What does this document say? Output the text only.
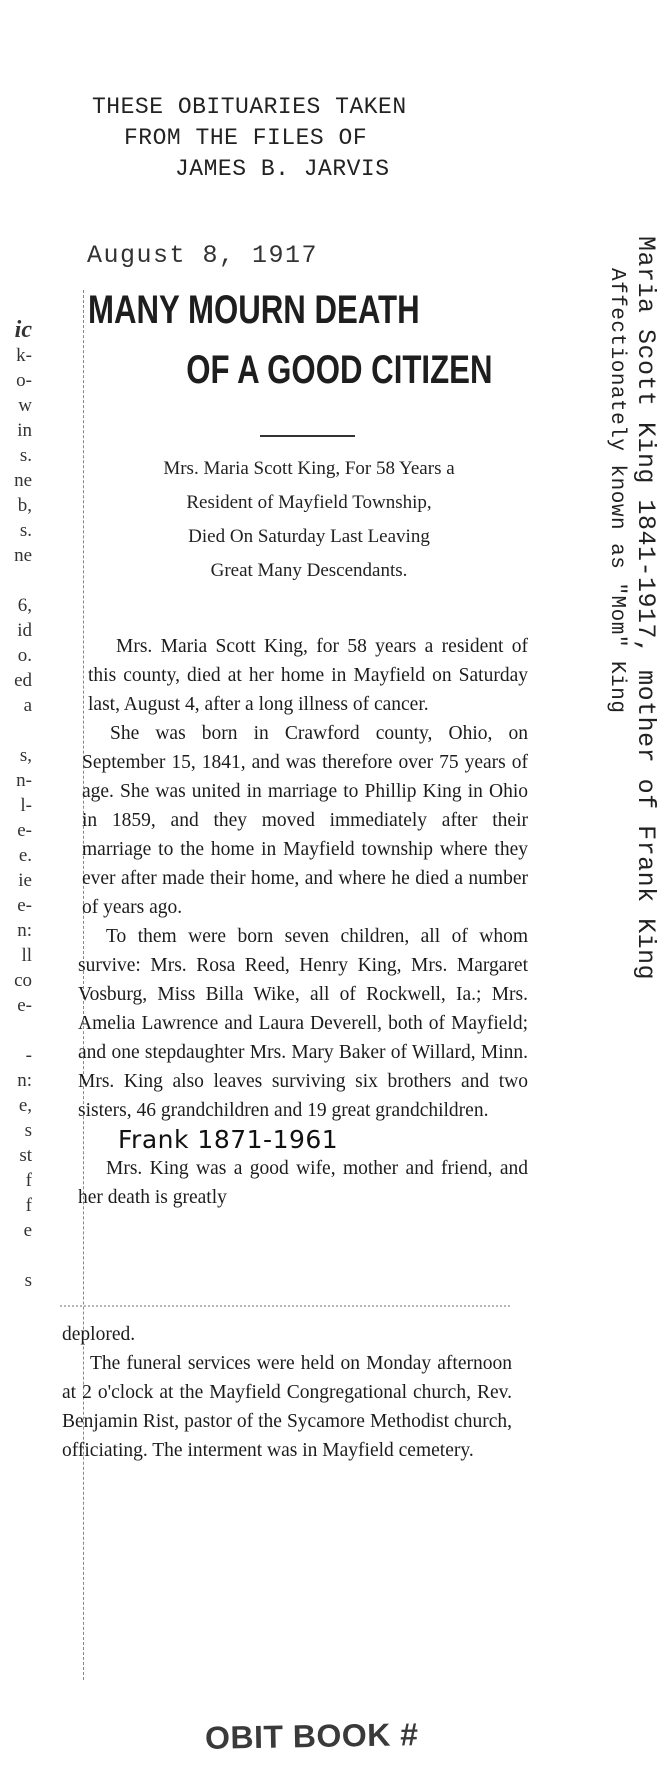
THESE OBITUARIES TAKEN
FROM THE FILES OF
JAMES B. JARVIS
August 8, 1917
ic
k-
o-
w
in
s.
ne
b,
s.
ne
6,
id
o.
ed
a
s,
n-
l-
e-
e.
ie
e-
n:
ll
co
e-
-
n:
e,
s
st
f
f
e
s
MANY MOURN DEATH
OF A GOOD CITIZEN
Mrs. Maria Scott King, For 58 Years a
Resident of Mayfield Township,
Died On Saturday Last Leaving
Great Many Descendants.

Mrs. Maria Scott King, for 58 years a resident of this county, died at her home in Mayfield on Saturday last, August 4, after a long illness of cancer.

She was born in Crawford county, Ohio, on September 15, 1841, and was therefore over 75 years of age. She was united in marriage to Phillip King in Ohio in 1859, and they moved immediately after their marriage to the home in Mayfield township where they ever after made their home, and where he died a number of years ago.

To them were born seven children, all of whom survive: Mrs. Rosa Reed, Henry King, Mrs. Margaret Vosburg, Miss Billa Wike, all of Rockwell, Ia.; Mrs. Amelia Lawrence and Laura Deverell, both of Mayfield; and one stepdaughter Mrs. Mary Baker of Willard, Minn. Mrs. King also leaves surviving six brothers and two sisters, 46 grandchildren and 19 great grandchildren.

Frank 1871-1961

Mrs. King was a good wife, mother and friend, and her death is greatly

deplored.

The funeral services were held on Monday afternoon at 2 o'clock at the Mayfield Congregational church, Rev. Benjamin Rist, pastor of the Sycamore Methodist church, officiating. The interment was in Mayfield cemetery.

Maria Scott King 1841-1917, mother of Frank King
Affectionately known as "Mom" King
OBIT BOOK #
